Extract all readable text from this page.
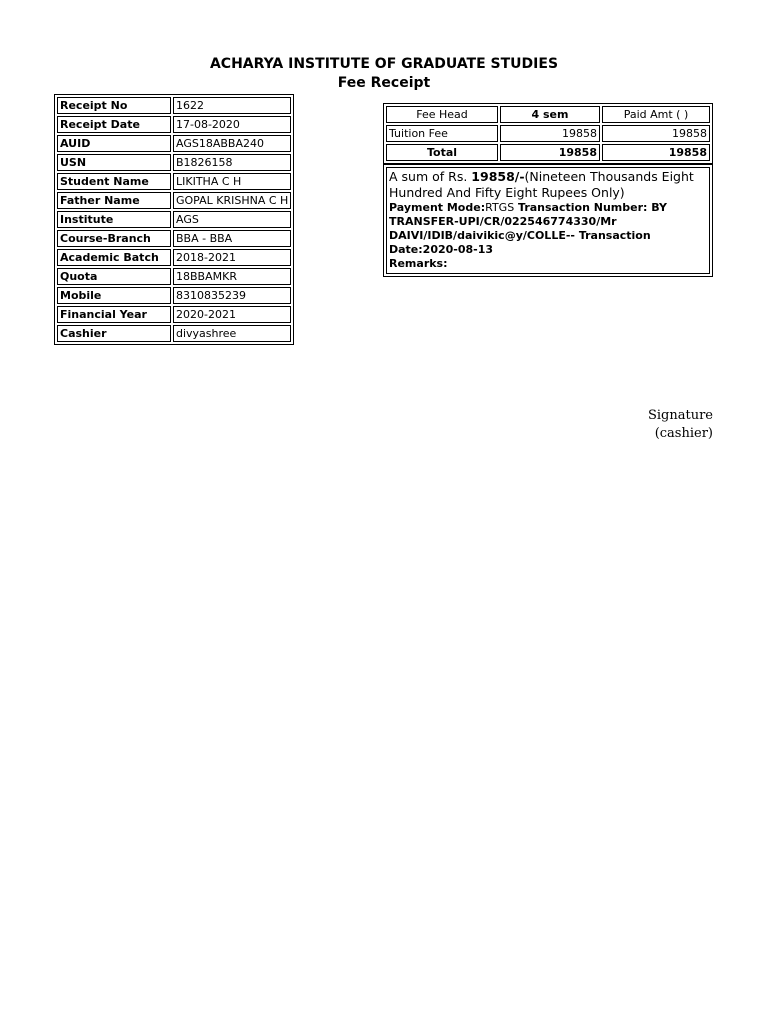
ACHARYA INSTITUTE OF GRADUATE STUDIES
Fee Receipt
Receipt No	1622
Receipt Date	17-08-2020
AUID	AGS18ABBA240
USN	B1826158
Student Name	LIKITHA C H
Father Name	GOPAL KRISHNA C H
Institute	AGS
Course-Branch	BBA - BBA
Academic Batch	2018-2021
Quota	18BBAMKR
Mobile	8310835239
Financial Year	2020-2021
Cashier	divyashree
Fee Head	4 sem	Paid Amt ( )
Tuition Fee	19858	19858
Total	19858	19858
A sum of Rs. 19858/-(Nineteen Thousands Eight Hundred And Fifty Eight Rupees Only)
Payment Mode:RTGS Transaction Number: BY TRANSFER-UPI/CR/022546774330/Mr DAIVI/IDIB/daivikic@y/COLLE-- Transaction Date:2020-08-13
Remarks:
Signature
(cashier)
